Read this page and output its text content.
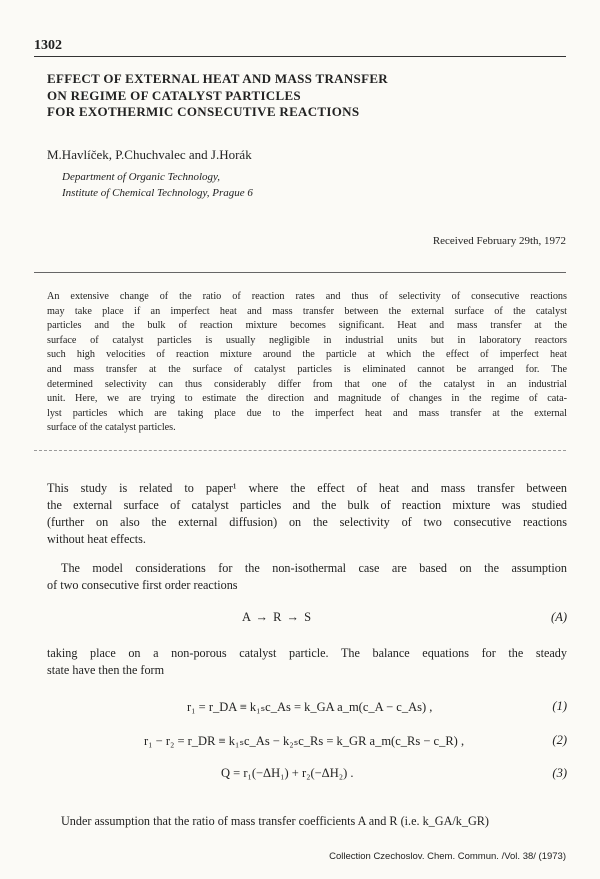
1302
EFFECT OF EXTERNAL HEAT AND MASS TRANSFER
ON REGIME OF CATALYST PARTICLES
FOR EXOTHERMIC CONSECUTIVE REACTIONS
M.Havlíček, P.Chuchvalec and J.Horák
Department of Organic Technology,
Institute of Chemical Technology, Prague 6
Received February 29th, 1972
An extensive change of the ratio of reaction rates and thus of selectivity of consecutive reactions
may take place if an imperfect heat and mass transfer between the external surface of the catalyst
particles and the bulk of reaction mixture becomes significant. Heat and mass transfer at the
surface of catalyst particles is usually negligible in industrial units but in laboratory reactors
such high velocities of reaction mixture around the particle at which the effect of imperfect heat
and mass transfer at the surface of catalyst particles is eliminated cannot be arranged for. The
determined selectivity can thus considerably differ from that one of the catalyst in an industrial
unit. Here, we are trying to estimate the direction and magnitude of changes in the regime of cata-
lyst particles which are taking place due to the imperfect heat and mass transfer at the external
surface of the catalyst particles.
This study is related to paper¹ where the effect of heat and mass transfer between
the external surface of catalyst particles and the bulk of reaction mixture was studied
(further on also the external diffusion) on the selectivity of two consecutive reactions
without heat effects.
The model considerations for the non-isothermal case are based on the assumption
of two consecutive first order reactions
A → R → S	(A)
taking place on a non-porous catalyst particle. The balance equations for the steady
state have then the form
r₁ = r_DA ≡ k₁ₛc_As = k_GA a_m(c_A − c_As) ,	(1)
r₁ − r₂ = r_DR ≡ k₁ₛc_As − k₂ₛc_Rs = k_GR a_m(c_Rs − c_R) ,	(2)
Q = r₁(−ΔH₁) + r₂(−ΔH₂) .	(3)
Under assumption that the ratio of mass transfer coefficients A and R (i.e. k_GA/k_GR)
Collection Czechoslov. Chem. Commun. /Vol. 38/ (1973)
